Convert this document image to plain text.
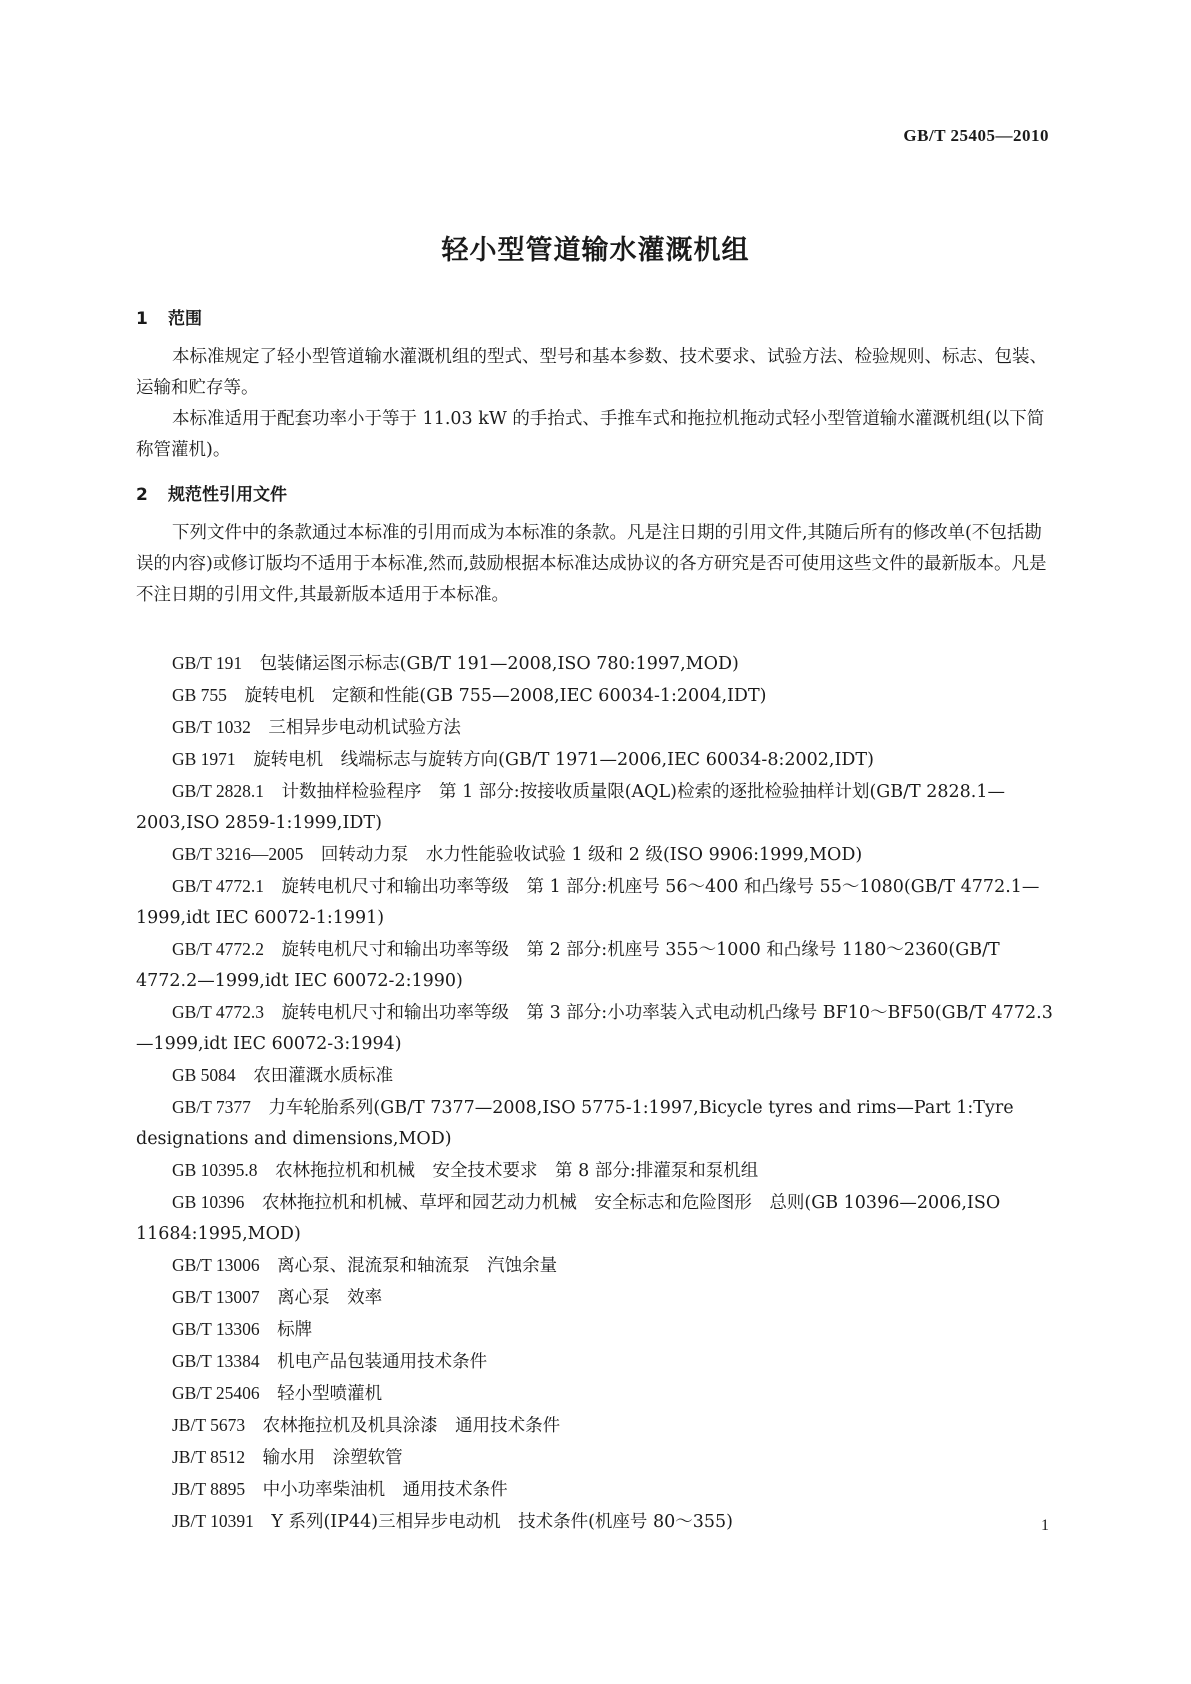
GB/T 25405—2010
轻小型管道输水灌溉机组
1 范围

本标准规定了轻小型管道输水灌溉机组的型式、型号和基本参数、技术要求、试验方法、检验规则、标志、包装、运输和贮存等。

本标准适用于配套功率小于等于 11.03 kW 的手抬式、手推车式和拖拉机拖动式轻小型管道输水灌溉机组(以下简称管灌机)。

2 规范性引用文件

下列文件中的条款通过本标准的引用而成为本标准的条款。凡是注日期的引用文件,其随后所有的修改单(不包括勘误的内容)或修订版均不适用于本标准,然而,鼓励根据本标准达成协议的各方研究是否可使用这些文件的最新版本。凡是不注日期的引用文件,其最新版本适用于本标准。

GB/T 191　 包装储运图示标志(GB/T 191—2008,ISO 780:1997,MOD)
GB 755　 旋转电机　定额和性能(GB 755—2008,IEC 60034-1:2004,IDT)
GB/T 1032　 三相异步电动机试验方法
GB 1971　 旋转电机　线端标志与旋转方向(GB/T 1971—2006,IEC 60034-8:2002,IDT)
GB/T 2828.1　 计数抽样检验程序　第 1 部分:按接收质量限(AQL)检索的逐批检验抽样计划(GB/T 2828.1—2003,ISO 2859-1:1999,IDT)
GB/T 3216—2005　 回转动力泵　水力性能验收试验 1 级和 2 级(ISO 9906:1999,MOD)
GB/T 4772.1　 旋转电机尺寸和输出功率等级　第 1 部分:机座号 56～400 和凸缘号 55～1080(GB/T 4772.1—1999,idt IEC 60072-1:1991)
GB/T 4772.2　 旋转电机尺寸和输出功率等级　第 2 部分:机座号 355～1000 和凸缘号 1180～2360(GB/T 4772.2—1999,idt IEC 60072-2:1990)
GB/T 4772.3　 旋转电机尺寸和输出功率等级　第 3 部分:小功率装入式电动机凸缘号 BF10～BF50(GB/T 4772.3—1999,idt IEC 60072-3:1994)
GB 5084　 农田灌溉水质标准
GB/T 7377　 力车轮胎系列(GB/T 7377—2008,ISO 5775-1:1997,Bicycle tyres and rims—Part 1:Tyre designations and dimensions,MOD)
GB 10395.8　 农林拖拉机和机械　安全技术要求　第 8 部分:排灌泵和泵机组
GB 10396　 农林拖拉机和机械、草坪和园艺动力机械　安全标志和危险图形　总则(GB 10396—2006,ISO 11684:1995,MOD)
GB/T 13006　 离心泵、混流泵和轴流泵　汽蚀余量
GB/T 13007　 离心泵　效率
GB/T 13306　 标牌
GB/T 13384　 机电产品包装通用技术条件
GB/T 25406　 轻小型喷灌机
JB/T 5673　 农林拖拉机及机具涂漆　通用技术条件
JB/T 8512　 输水用　涂塑软管
JB/T 8895　 中小功率柴油机　通用技术条件
JB/T 10391　 Y 系列(IP44)三相异步电动机　技术条件(机座号 80～355)	1
